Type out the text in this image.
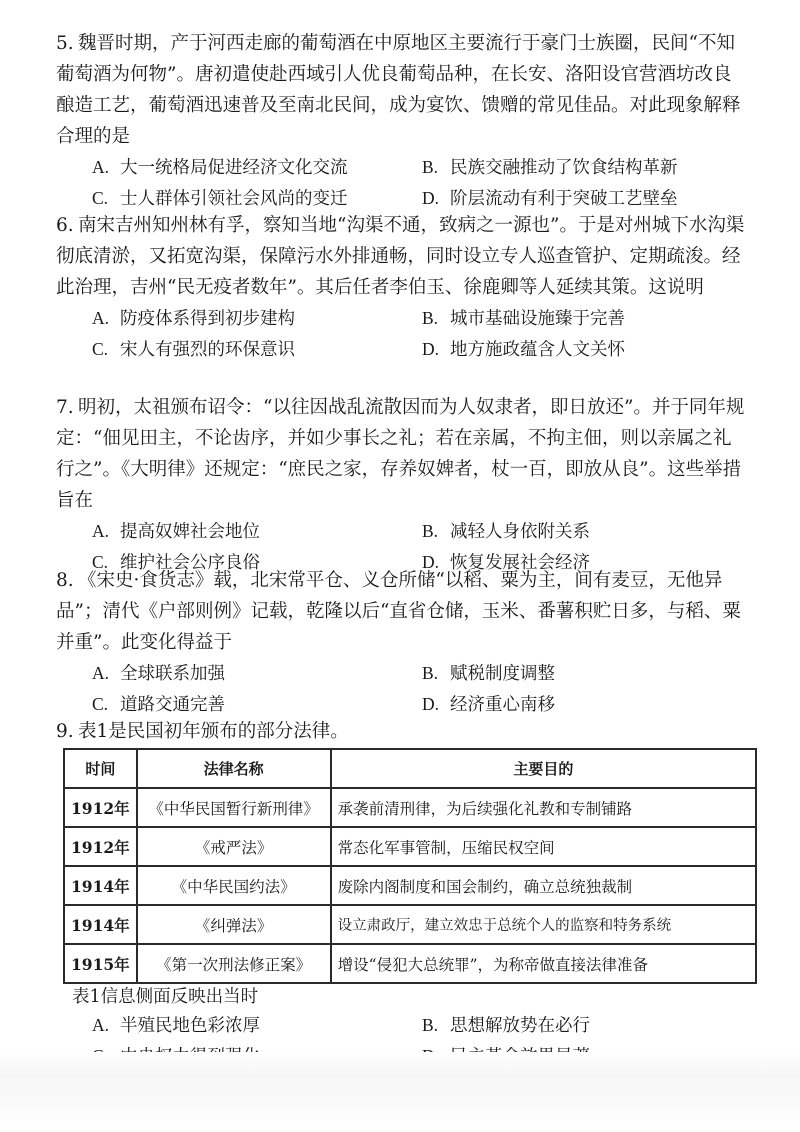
5. 魏晋时期，产于河西走廊的葡萄酒在中原地区主要流行于豪门士族圈，民间“不知葡萄酒为何物”。唐初遣使赴西域引人优良葡萄品种，在长安、洛阳设官营酒坊改良酿造工艺，葡萄酒迅速普及至南北民间，成为宴饮、馈赠的常见佳品。对此现象解释合理的是

A. 大一统格局促进经济文化交流	B. 民族交融推动了饮食结构革新
C. 士人群体引领社会风尚的变迁	D. 阶层流动有利于突破工艺壁垒

6. 南宋吉州知州林有孚，察知当地“沟渠不通，致病之一源也”。于是对州城下水沟渠彻底清淤，又拓宽沟渠，保障污水外排通畅，同时设立专人巡查管护、定期疏浚。经此治理，吉州“民无疫者数年”。其后任者李伯玉、徐鹿卿等人延续其策。这说明

A. 防疫体系得到初步建构	B. 城市基础设施臻于完善
C. 宋人有强烈的环保意识	D. 地方施政蕴含人文关怀

7. 明初，太祖颁布诏令：“以往因战乱流散因而为人奴隶者，即日放还”。并于同年规定：“佃见田主，不论齿序，并如少事长之礼；若在亲属，不拘主佃，则以亲属之礼行之”。《大明律》还规定：“庶民之家，存养奴婢者，杖一百，即放从良”。这些举措旨在

A. 提高奴婢社会地位	B. 减轻人身依附关系
C. 维护社会公序良俗	D. 恢复发展社会经济

8. 《宋史·食货志》载，北宋常平仓、义仓所储“以稻、粟为主，间有麦豆，无他异品”；清代《户部则例》记载，乾隆以后“直省仓储，玉米、番薯积贮日多，与稻、粟并重”。此变化得益于

A. 全球联系加强	B. 赋税制度调整
C. 道路交通完善	D. 经济重心南移

9. 表1是民国初年颁布的部分法律。

时间	法律名称	主要目的
1912年	《中华民国暂行新刑律》	承袭前清刑律，为后续强化礼教和专制铺路
1912年	《戒严法》	常态化军事管制，压缩民权空间
1914年	《中华民国约法》	废除内阁制度和国会制约，确立总统独裁制
1914年	《纠弹法》	设立肃政厅，建立效忠于总统个人的监察和特务系统
1915年	《第一次刑法修正案》	增设“侵犯大总统罪”，为称帝做直接法律准备
表1信息侧面反映出当时
A. 半殖民地色彩浓厚	B. 思想解放势在必行
